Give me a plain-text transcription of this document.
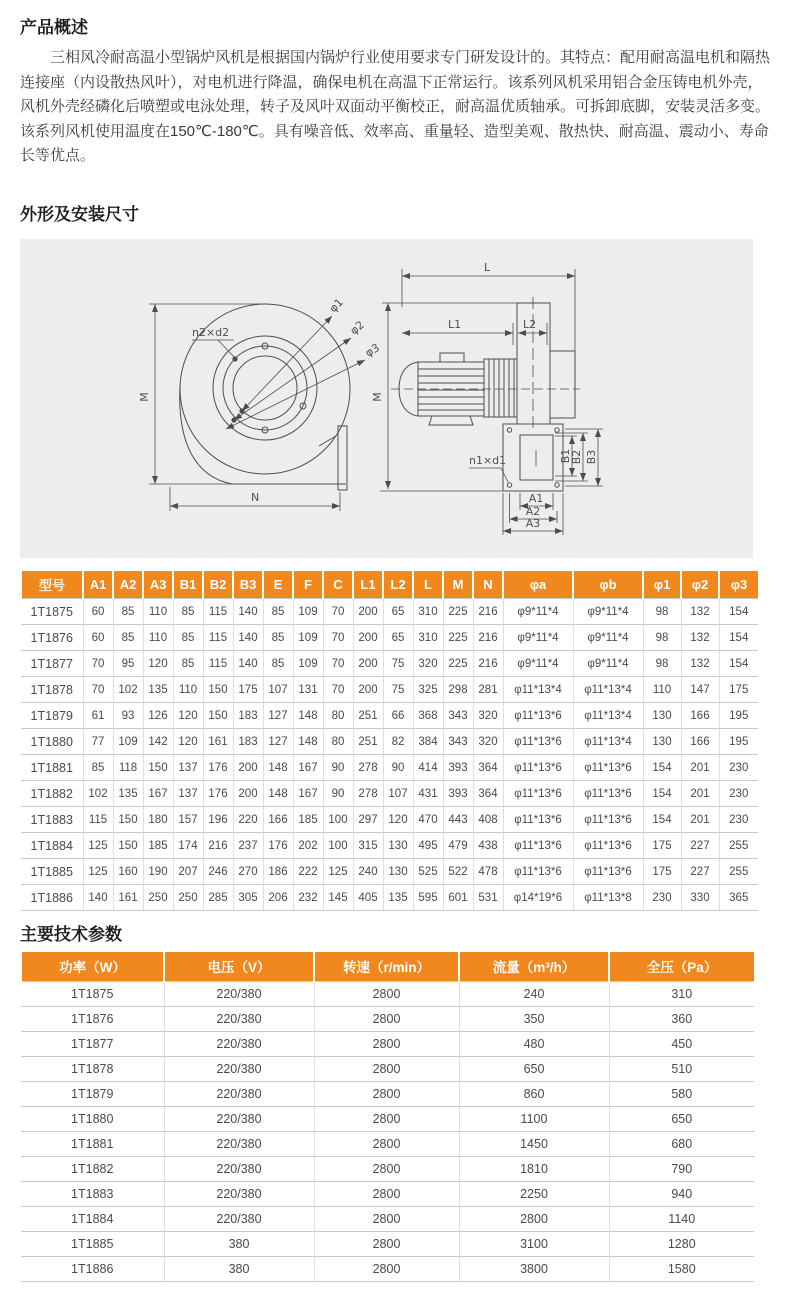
产品概述

三相风冷耐高温小型锅炉风机是根据国内锅炉行业使用要求专门研发设计的。其特点：配用耐高温电机和隔热连接座（内设散热风叶），对电机进行降温，确保电机在高温下正常运行。该系列风机采用铝合金压铸电机外壳，风机外壳经磷化后喷塑或电泳处理，转子及风叶双面动平衡校正，耐高温优质轴承。可拆卸底脚，安装灵活多变。

该系列风机使用温度在150℃-180℃。具有噪音低、效率高、重量轻、造型美观、散热快、耐高温、震动小、寿命长等优点。

外形及安装尺寸
φ1
φ2
φ3
n2×d2
M
N
L
L1	L2
M
B1
B2 B3
A1
A2
A3
n1×d1
型号	A1	A2	A3	B1	B2	B3	E	F	C	L1	L2	L	M	N	φa	φb	φ1	φ2	φ3
1T1875	60	85	110	85	115	140	85	109	70	200	65	310	225	216	φ9*11*4	φ9*11*4	98	132	154
1T1876	60	85	110	85	115	140	85	109	70	200	65	310	225	216	φ9*11*4	φ9*11*4	98	132	154
1T1877	70	95	120	85	115	140	85	109	70	200	75	320	225	216	φ9*11*4	φ9*11*4	98	132	154
1T1878	70	102	135	110	150	175	107	131	70	200	75	325	298	281	φ11*13*4	φ11*13*4	110	147	175
1T1879	61	93	126	120	150	183	127	148	80	251	66	368	343	320	φ11*13*6	φ11*13*4	130	166	195
1T1880	77	109	142	120	161	183	127	148	80	251	82	384	343	320	φ11*13*6	φ11*13*4	130	166	195
1T1881	85	118	150	137	176	200	148	167	90	278	90	414	393	364	φ11*13*6	φ11*13*6	154	201	230
1T1882	102	135	167	137	176	200	148	167	90	278	107	431	393	364	φ11*13*6	φ11*13*6	154	201	230
1T1883	115	150	180	157	196	220	166	185	100	297	120	470	443	408	φ11*13*6	φ11*13*6	154	201	230
1T1884	125	150	185	174	216	237	176	202	100	315	130	495	479	438	φ11*13*6	φ11*13*6	175	227	255
1T1885	125	160	190	207	246	270	186	222	125	240	130	525	522	478	φ11*13*6	φ11*13*6	175	227	255
1T1886	140	161	250	250	285	305	206	232	145	405	135	595	601	531	φ14*19*6	φ11*13*8	230	330	365
主要技术参数
功率（W）	电压（V）	转速（r/min）	流量（m³/h）	全压（Pa）
1T1875	220/380	2800	240	310
1T1876	220/380	2800	350	360
1T1877	220/380	2800	480	450
1T1878	220/380	2800	650	510
1T1879	220/380	2800	860	580
1T1880	220/380	2800	1100	650
1T1881	220/380	2800	1450	680
1T1882	220/380	2800	1810	790
1T1883	220/380	2800	2250	940
1T1884	220/380	2800	2800	1140
1T1885	380	2800	3100	1280
1T1886	380	2800	3800	1580
